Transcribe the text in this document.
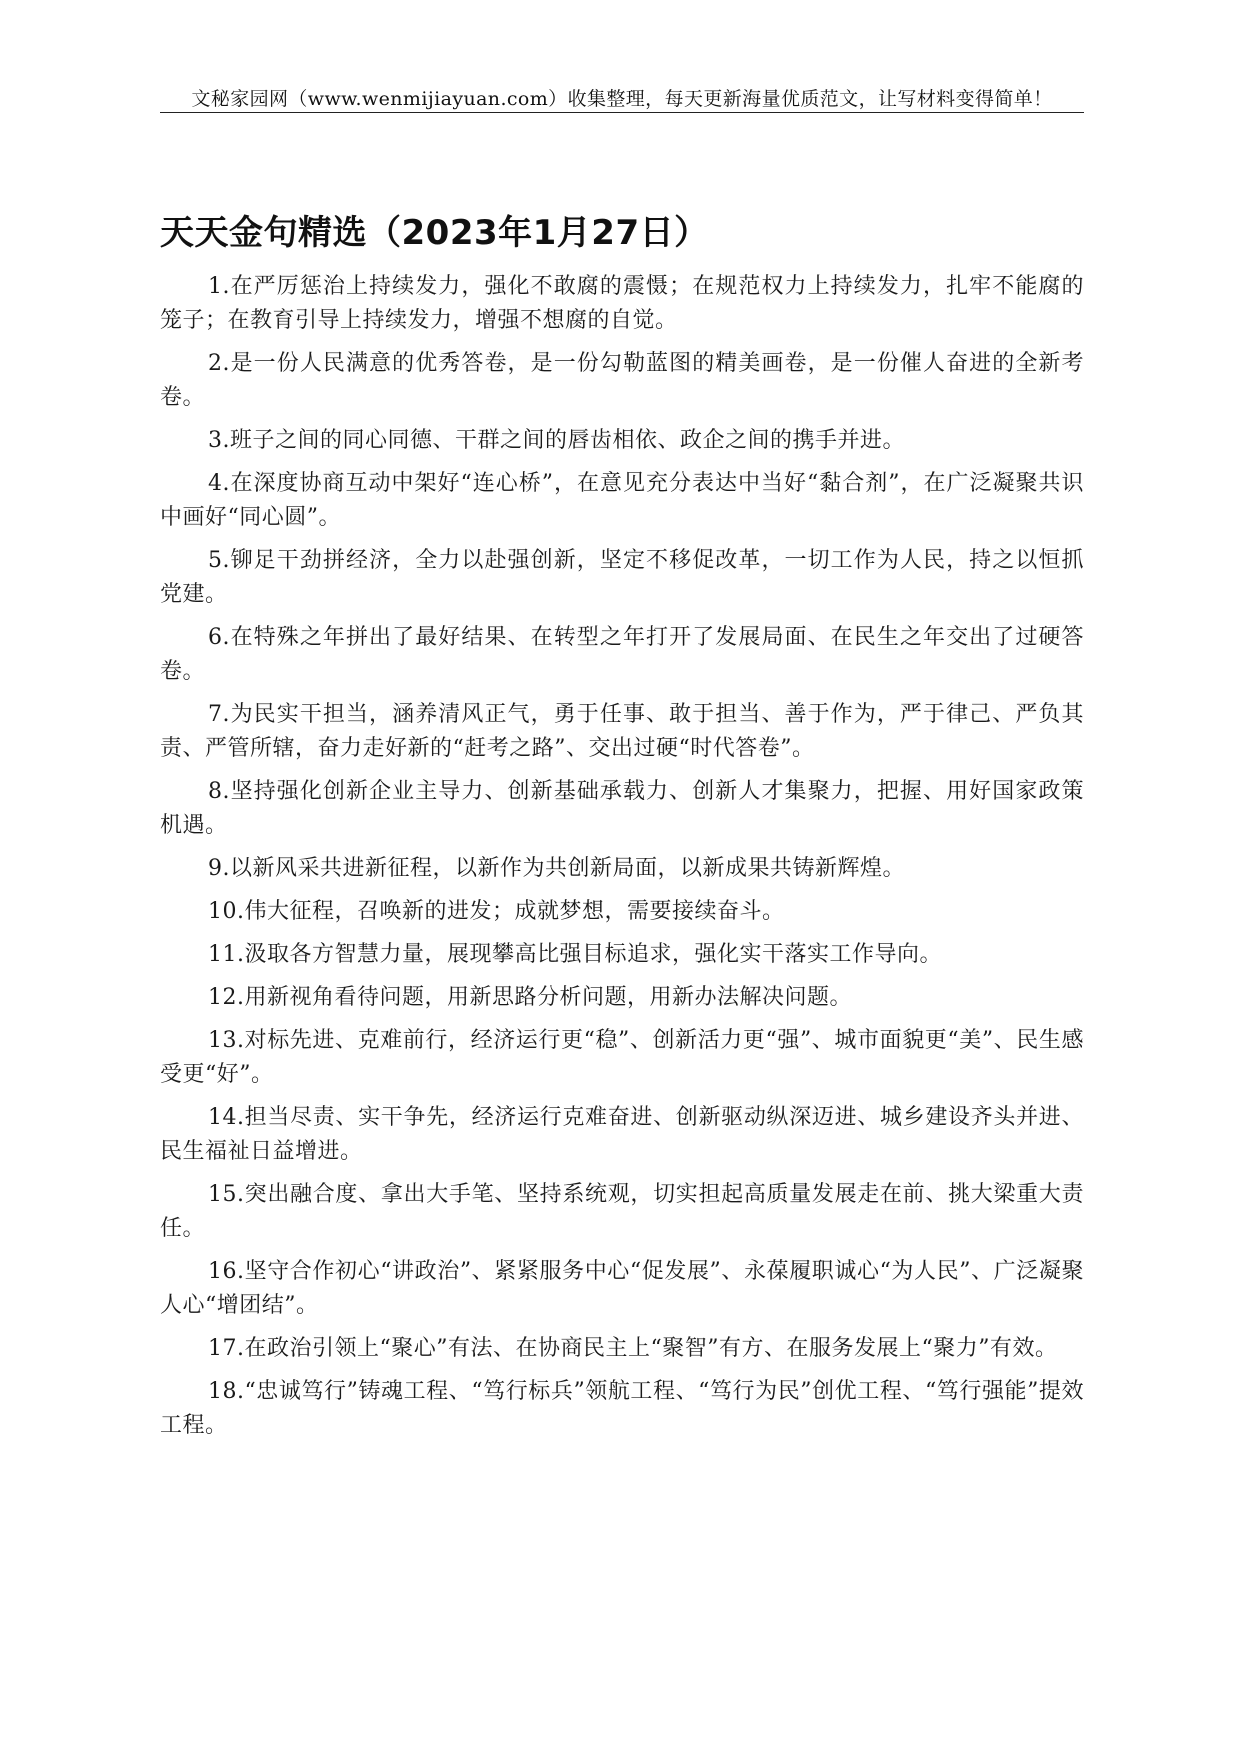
文秘家园网（www.wenmijiayuan.com）收集整理，每天更新海量优质范文，让写材料变得简单！
天天金句精选（2023年1月27日）

1.在严厉惩治上持续发力，强化不敢腐的震慑；在规范权力上持续发力，扎牢不能腐的笼子；在教育引导上持续发力，增强不想腐的自觉。

2.是一份人民满意的优秀答卷，是一份勾勒蓝图的精美画卷，是一份催人奋进的全新考卷。

3.班子之间的同心同德、干群之间的唇齿相依、政企之间的携手并进。

4.在深度协商互动中架好“连心桥”，在意见充分表达中当好“黏合剂”，在广泛凝聚共识中画好“同心圆”。

5.铆足干劲拼经济，全力以赴强创新，坚定不移促改革，一切工作为人民，持之以恒抓党建。

6.在特殊之年拼出了最好结果、在转型之年打开了发展局面、在民生之年交出了过硬答卷。

7.为民实干担当，涵养清风正气，勇于任事、敢于担当、善于作为，严于律己、严负其责、严管所辖，奋力走好新的“赶考之路”、交出过硬“时代答卷”。

8.坚持强化创新企业主导力、创新基础承载力、创新人才集聚力，把握、用好国家政策机遇。

9.以新风采共进新征程，以新作为共创新局面，以新成果共铸新辉煌。

10.伟大征程，召唤新的进发；成就梦想，需要接续奋斗。

11.汲取各方智慧力量，展现攀高比强目标追求，强化实干落实工作导向。

12.用新视角看待问题，用新思路分析问题，用新办法解决问题。

13.对标先进、克难前行，经济运行更“稳”、创新活力更“强”、城市面貌更“美”、民生感受更“好”。

14.担当尽责、实干争先，经济运行克难奋进、创新驱动纵深迈进、城乡建设齐头并进、民生福祉日益增进。

15.突出融合度、拿出大手笔、坚持系统观，切实担起高质量发展走在前、挑大梁重大责任。

16.坚守合作初心“讲政治”、紧紧服务中心“促发展”、永葆履职诚心“为人民”、广泛凝聚人心“增团结”。

17.在政治引领上“聚心”有法、在协商民主上“聚智”有方、在服务发展上“聚力”有效。

18.“忠诚笃行”铸魂工程、“笃行标兵”领航工程、“笃行为民”创优工程、“笃行强能”提效工程。
